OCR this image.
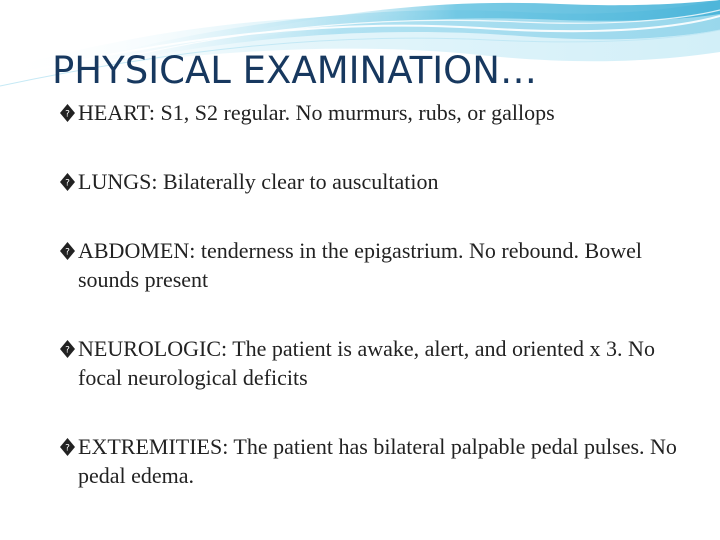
PHYSICAL EXAMINATION…
? HEART: S1, S2 regular. No murmurs, rubs, or gallops
? LUNGS: Bilaterally clear to auscultation
? ABDOMEN: tenderness in the epigastrium. No rebound. Bowel sounds present
? NEUROLOGIC: The patient is awake, alert, and oriented x 3. No focal neurological deficits
? EXTREMITIES: The patient has bilateral palpable pedal pulses. No pedal edema.
